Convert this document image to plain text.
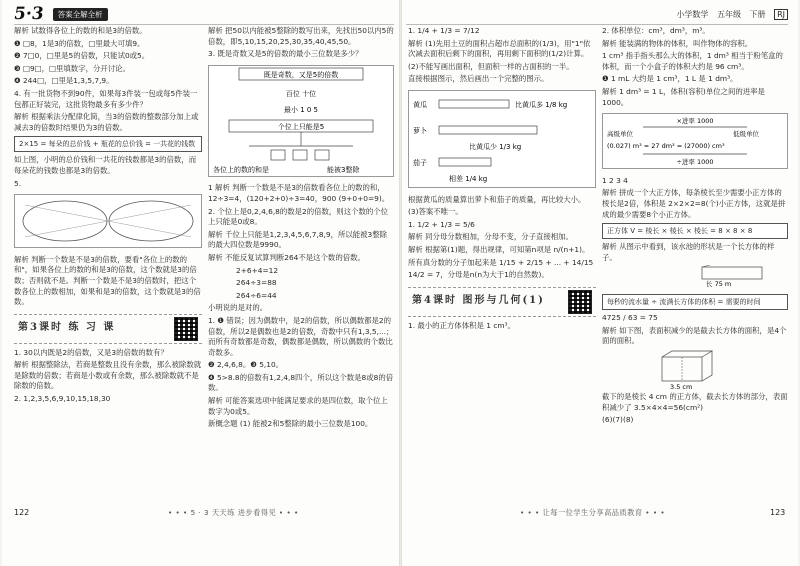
5·3 答案全解全析	小学数学 五年级 下册 RJ

解析 试数得各位上的数的和是3的倍数。

❶ □8，1是3的倍数，□里最大可填9。

❷ 7□0，□里是5的倍数，只能试0或5。

❸ □9□，□里填数字，分开讨论。

❹ 244□，□里是1,3,5,7,9。

4. 有一批货物不到90件，如果每3件装一包或每5件装一包都正好装完，这批货物最多有多少件？

解析 根据乘法分配律化简，当3的倍数的整数部分加上或减去3的倍数时结果仍为3的倍数。

2×15 = 每朵的总价钱 + 瓶花的总价钱 = 一共花的钱数

如上图，小明的总价钱和一共花的钱数都是3的倍数，而每朵花的钱数也都是3的倍数。

5.

解析 判断一个数是不是3的倍数，要看"各位上的数的和"，如果各位上的数的和是3的倍数，这个数就是3的倍数；否则就不是。判断一个数是不是3的倍数时，把这个数各位上的数相加，如果和是3的倍数，这个数就是3的倍数。

第3课时 练 习 课

1. 30以内既是2的倍数，又是3的倍数的数有？

解析 根据整除法，若商是整数且没有余数，那么被除数就是除数的倍数；若商是小数或有余数，那么被除数就不是除数的倍数。

2. 1,2,3,5,6,9,10,15,18,30

解析 把50以内能被5整除的数写出来，先找出50以内5的倍数，即5,10,15,20,25,30,35,40,45,50。

3. 既是奇数又是5的倍数的最小三位数是多少？

既是奇数，又是5的倍数
百位 十位
最小 1 0 5
个位上只能是5
各位上的数的和是	能被3整除

1 解析 判断一个数是不是3的倍数看各位上的数的和，12÷3=4，(120+2+0)÷3=40，900 (9+0+0=9)。

2. 个位上是0,2,4,6,8的数是2的倍数，则这个数的个位上只能是0或8。

解析 千位上只能是1,2,3,4,5,6,7,8,9，所以能被3整除的最大四位数是9990。

解析 不能反复试算判断264不是这个数的倍数。

2+6+4=12

264÷3=88

264÷6=44

小明说的是对的。

1. ❶ 错误；因为偶数中，是2的倍数，所以偶数都是2的倍数，所以2是偶数也是2的倍数，奇数中只有1,3,5,...；而所有奇数都是奇数，偶数都是偶数，所以偶数的个数比奇数多。

❷ 2,4,6,8。❸ 5,10。

❹ 5>8.8的倍数有1,2,4,8四个，所以这个数是8或8的倍数。

解析 可能答案选项中能满足要求的是四位数，取个位上数字为0或5。

新概念题 (1) 能被2和5整除的最小三位数是100。

1. 1/4 + 1/3 = 7/12

解析 (1)先用土豆的面积占超市总面积的(1/3)，用"1"依次减去面积后剩下的面积，再用剩下面积的(1/2)计算。

(2)不能写画出面积，但面积一样的占面积的一半。

直接根据图示，然后画出一个完整的图示。

黄瓜	比黄瓜多 1/8 kg
萝卜
比黄瓜少 1/3 kg
茄子
相差 1/4 kg

根据黄瓜的质量算出萝卜和茄子的质量，再比较大小。

(3)答案不唯一。

1. 1/2 + 1/3 = 5/6

解析 同分母分数相加，分母不变，分子直接相加。

解析 根据第(1)题，得出规律，可知第n项是 n/(n+1)。

所有真分数的分子加起来是 1/15 + 2/15 + ... + 14/15

14/2 = 7，分母是n(n为大于1的自然数)。

第4课时 图形与几何(1)

1. 最小的正方体体积是 1 cm³。

2. 体积单位：cm³，dm³，m³。

解析 能装满的物体的体积，叫作物体的容积。

1 cm³ 指手指头那么大的体积，1 dm³ 相当于粉笔盒的体积，而一个小盒子的体积大约是 96 cm³。

❶ 1 mL 大约是 1 cm³，1 L 是 1 dm³。

解析 1 dm³ = 1 L，体积(容积)单位之间的进率是1000。

×进率 1000
高级单位	低级单位
(0.027) m³ = 27 dm³ = (27000) cm³
÷进率 1000

1 2 3 4

解析 拼成一个大正方体，每条棱长至少需要小正方体的棱长是2倍，体积是 2×2×2=8(个)小正方体，这就是拼成的最少需要8个小正方体。

正方体 V = 棱长 × 棱长 × 棱长 = 8 × 8 × 8

解析 从图示中看到，该水池的形状是一个长方体的样子。

长 75 m
每秒的流水量 ÷ 流满长方体的体积 = 需要的时间

4725 / 63 = 75

解析 如下图，表面积减少的是截去长方体的面积，是4个面的面积。

3.5 cm

截下的是棱长 4 cm 的正方体，截去长方体的部分，表面积减少了 3.5×4×4=56(cm²)

(6)(7)(8)

122	• • • 5 · 3 天天练 进步看得见 • • •	• • • 让每一位学生分享高品质教育 • • •	123
